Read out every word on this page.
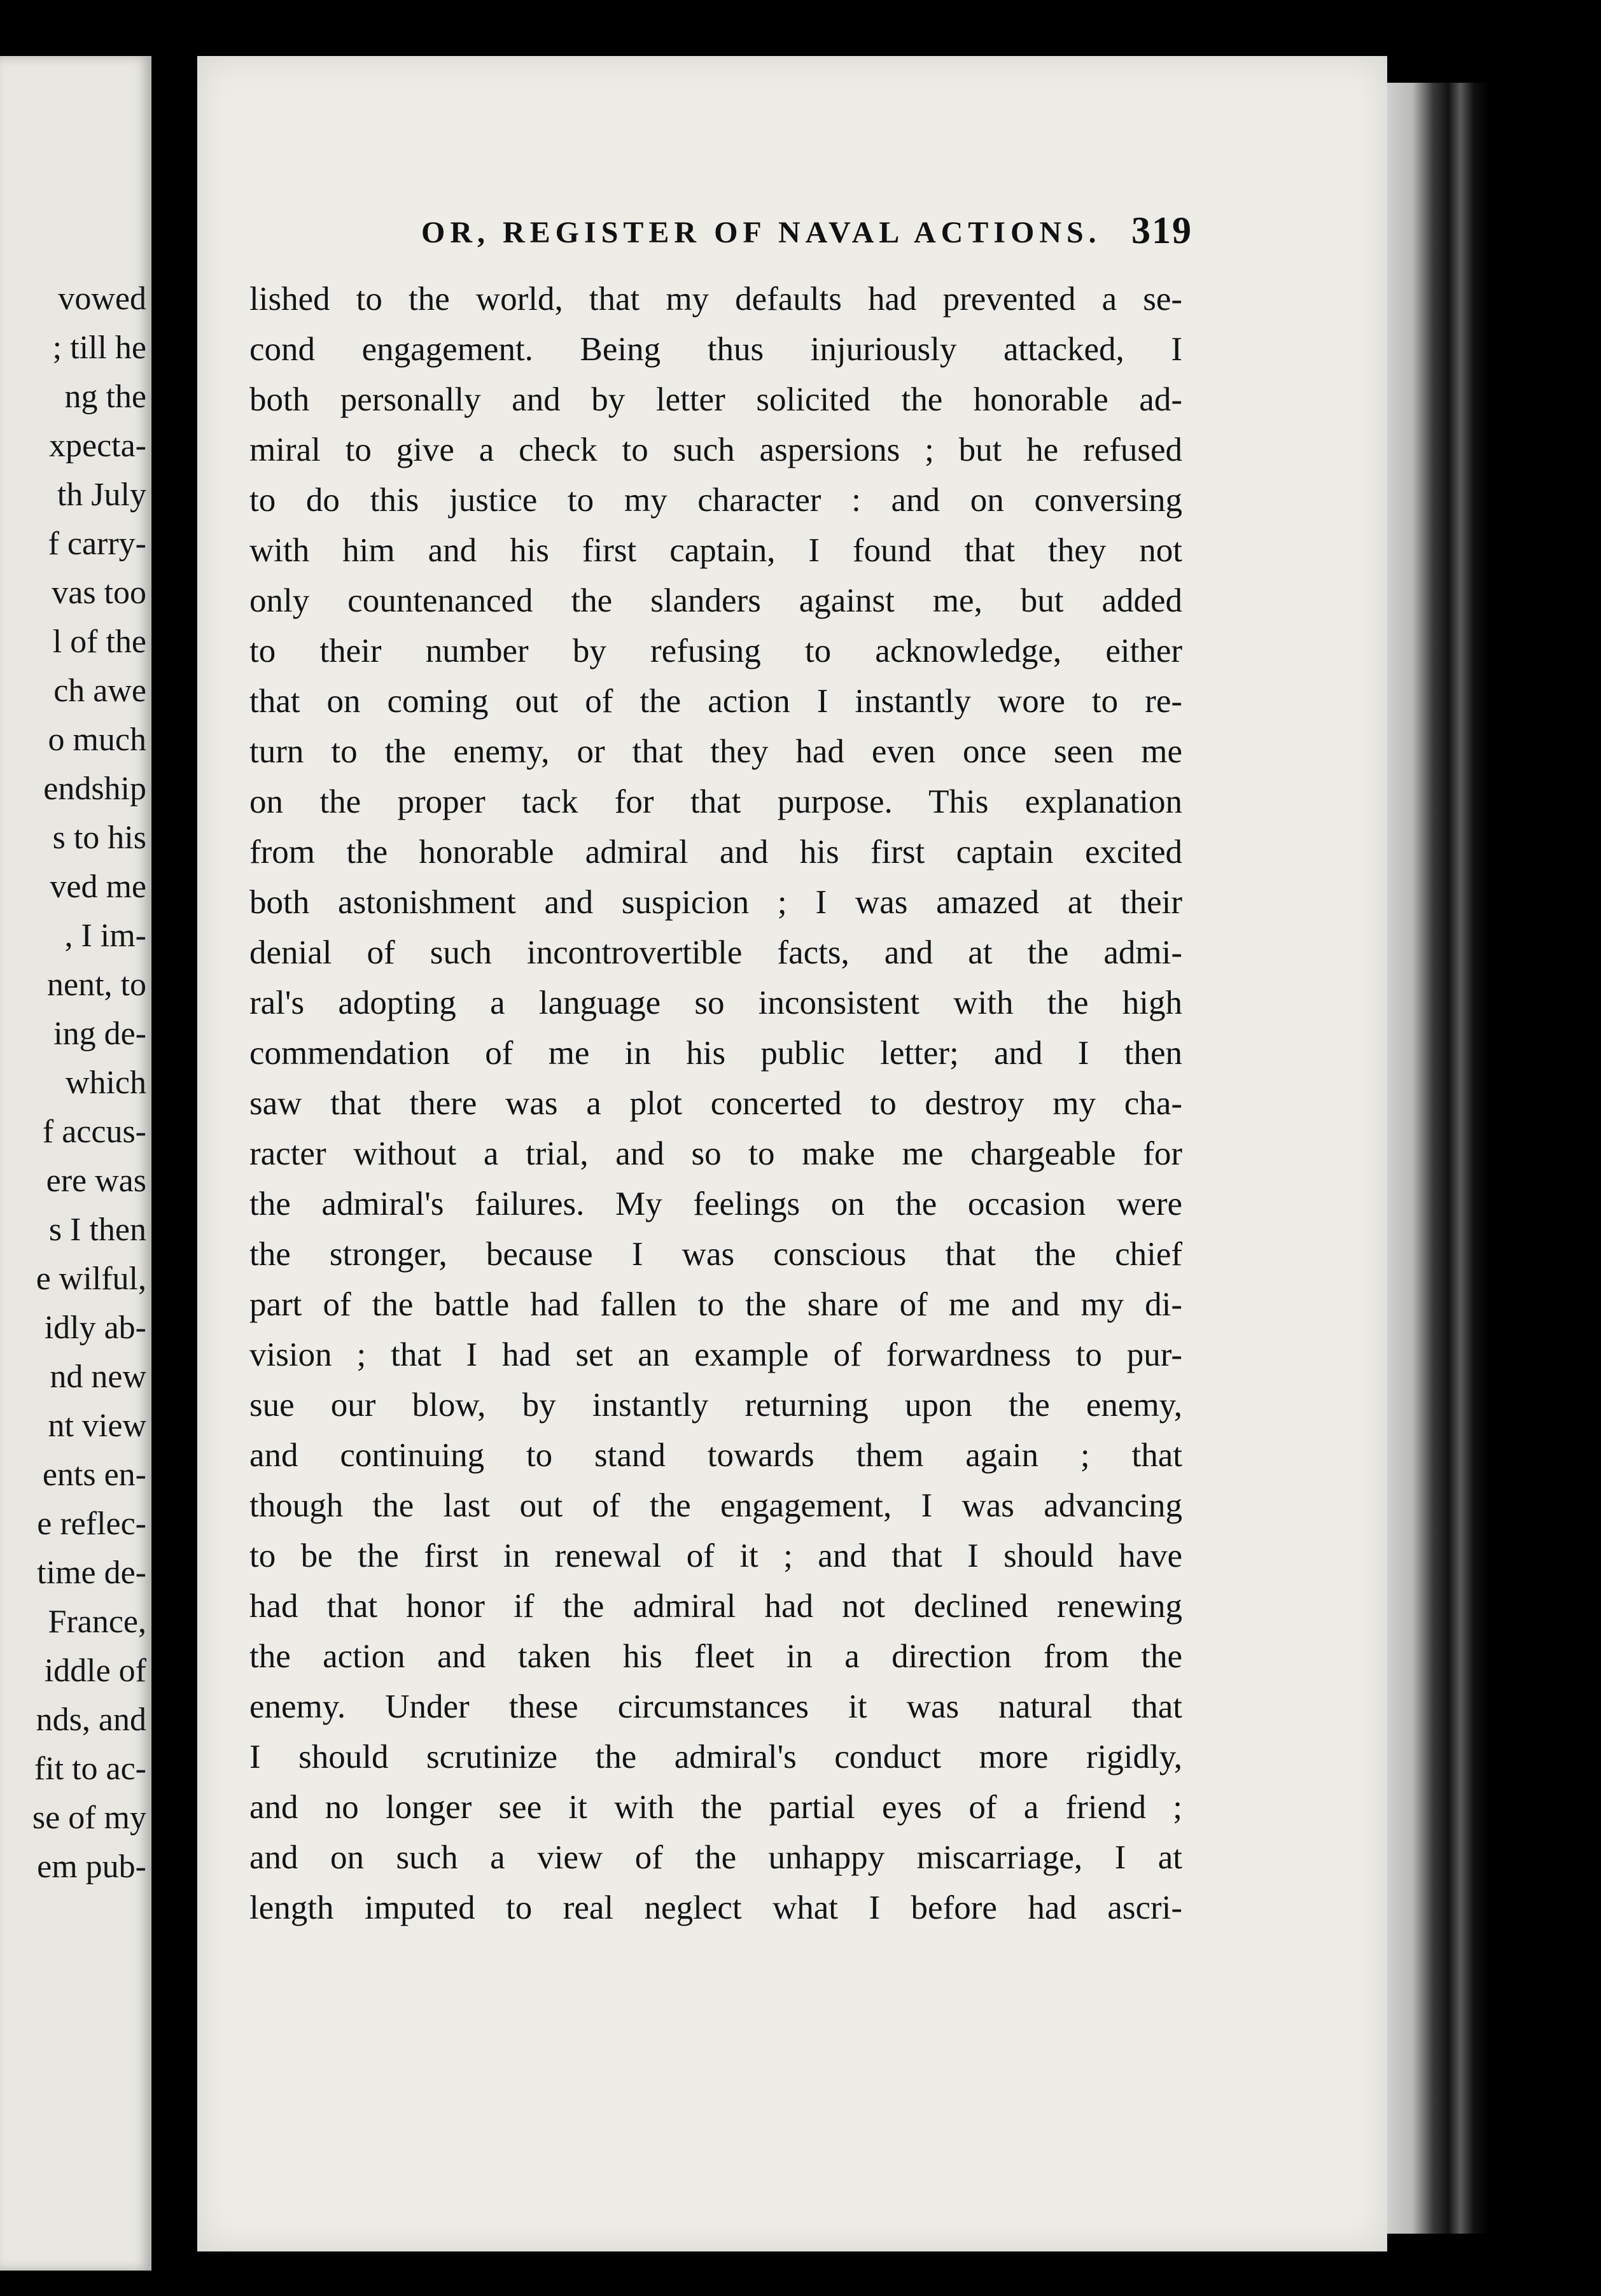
vowed
; till he
ng the
xpecta-
th July
f carry-
vas too
l of the
ch awe
o much
endship
s to his
ved me
, I im-
nent, to
ing de-
which
f accus-
ere was
s I then
e wilful,
idly ab-
nd new
nt view
ents en-
e reflec-
time de-
France,
iddle of
nds, and
fit to ac-
se of my
em pub-
OR, REGISTER OF NAVAL ACTIONS. 319
lished to the world, that my defaults had prevented a se-
cond engagement. Being thus injuriously attacked, I
both personally and by letter solicited the honorable ad-
miral to give a check to such aspersions ; but he refused
to do this justice to my character : and on conversing
with him and his first captain, I found that they not
only countenanced the slanders against me, but added
to their number by refusing to acknowledge, either
that on coming out of the action I instantly wore to re-
turn to the enemy, or that they had even once seen me
on the proper tack for that purpose. This explanation
from the honorable admiral and his first captain excited
both astonishment and suspicion ; I was amazed at their
denial of such incontrovertible facts, and at the admi-
ral's adopting a language so inconsistent with the high
commendation of me in his public letter; and I then
saw that there was a plot concerted to destroy my cha-
racter without a trial, and so to make me chargeable for
the admiral's failures. My feelings on the occasion were
the stronger, because I was conscious that the chief
part of the battle had fallen to the share of me and my di-
vision ; that I had set an example of forwardness to pur-
sue our blow, by instantly returning upon the enemy,
and continuing to stand towards them again ; that
though the last out of the engagement, I was advancing
to be the first in renewal of it ; and that I should have
had that honor if the admiral had not declined renewing
the action and taken his fleet in a direction from the
enemy. Under these circumstances it was natural that
I should scrutinize the admiral's conduct more rigidly,
and no longer see it with the partial eyes of a friend ;
and on such a view of the unhappy miscarriage, I at
length imputed to real neglect what I before had ascri-
